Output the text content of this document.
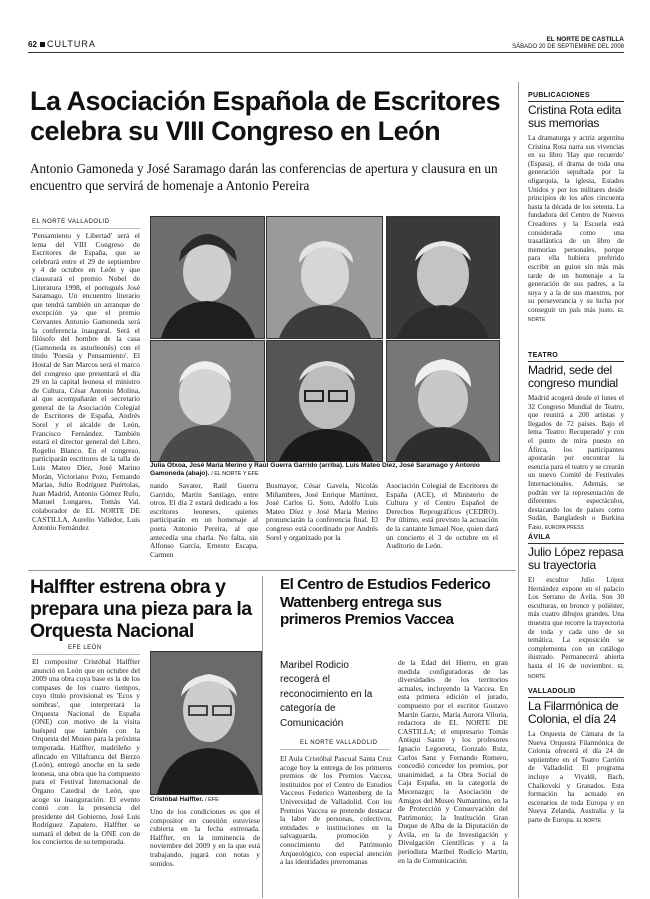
62 CULTURA	EL NORTE DE CASTILLA
SÁBADO 20 DE SEPTIEMBRE DEL 2008
La Asociación Española de Escritores
celebra su VIII Congreso en León
Antonio Gamoneda y José Saramago darán las conferencias de apertura y clausura en un encuentro que servirá de homenaje a Antonio Pereira
EL NORTE VALLADOLID
'Pensamiento y Libertad' será el lema del VIII Congreso de Escritores de España, que se celebrará entre el 29 de septiembre y 4 de octubre en León y que clausurará el premio Nobel de Literatura 1998, el portugués José Saramago. Un encuentro literario que tendrá también un arranque de excepción ya que el premio Cervantes Antonio Gamoneda será la conferencia inaugural. Será el filósofo del hombre de la casa (Gamoneda es asturleonés) con el título 'Poesía y Pensamiento'. El Hostal de San Marcos será el marco del congreso que presentará el día 29 en la capital leonesa el ministro de Cultura, César Antonio Molina, al que acompañarán el secretario general de la Asociación Colegial de Escritores de España, Andrés Sorel y el alcalde de León, Francisco Fernández. También estará el director general del Libro, Rogelio Blanco. En el congreso, participarán escritores de la talla de Luis Mateo Díez, José Marino Morán, Victoriano Pozo, Fernando Marías, Julio Rodríguez Puértolas, Juan Madrid, Antonio Gómez Rufo, Manuel Longares, Tomás Val, colaborador de EL NORTE DE CASTILLA, Aurelio Valledor, Luis Antonio Fernández
Julia Otxoa, José María Merino y Raúl Guerra Garrido (arriba). Luis Mateo Díez, José Saramago y Antonio Gamoneda (abajo). / EL NORTE Y EFE
nando Savater, Raúl Guerra Garrido, Martín Santiago, entre otros. El día 2 estará dedicado a los escritores leoneses, quienes participarán en un homenaje al poeta Antonio Pereira, al que antecedía una charla. No falta, sin Alfonso García, Ernesto Escapa, Carmen
Busmayor, César Gavela, Nicolás Miñambres, José Enrique Martínez, José Carlos G. Soto, Adolfo Luis Mateo Díez y José María Merino pronunciarán la conferencia final. El congreso está coordinado por Andrés Sorel y organizado por la
Asociación Colegial de Escritores de España (ACE), el Ministerio de Cultura y el Centro Español de Derechos Reprográficos (CEDRO). Por último, está previsto la actuación de la cantante Ismael Noe, quien dará un concierto el 3 de octubre en el Auditorio de León.
Halffter estrena obra y prepara una pieza para la Orquesta Nacional
EFE LEÓN
El compositor Cristóbal Halffter anunció en León que en octubre del 2009 una obra cuya base es la de los compases de los cuatro tiempos, cuyo título provisional es 'Ecos y sombras', que interpretará la Orquesta Nacional de España (ONE) con motivo de la visita huésped que también con la Orquesta del Museo para la próxima temporada. Halffter, madrileño y afincado en Villafranca del Bierzo (León), entregó anoche en la sede leonesa, una obra que ha compuesto para el Festival Internacional de Órgano Catedral de León, que acoge su inauguración. El evento contó con la presencia del presidente del Gobierno, José Luis Rodríguez Zapatero. Halffter se sumará el debut de la ONE con de los conciertos de su temporada.
Cristóbal Halffter. / EFE
Uno de los condiciones es que el compositor en cuestión estuviese cubierta en la fecha estrenada. Halffter, en la inminencia de noviembre del 2009 y en la que está trabajando, jugará con notas y sonidos.
El Centro de Estudios Federico Wattenberg entrega sus primeros Premios Vaccea
Maribel Rodicio recogerá el reconocimiento en la categoría de Comunicación
EL NORTE VALLADOLID
El Aula Cristóbal Pascual Santa Cruz acoge hoy la entrega de los primeros premios de los Premios Vaccea, instituidos por el Centro de Estudios Vacceos Federico Wattenberg de la Universidad de Valladolid. Con los Premios Vaccea se pretende destacar la labor de personas, colectivos, entidades e instituciones en la salvaguarda, promoción y conocimiento del Patrimonio Arqueológico, con especial atención a las identidades prerromanas
de la Edad del Hierro, en gran medida configuradoras de las diversidades de los territorios actuales, incluyendo la Vaccea. En esta primera edición el jurado, compuesto por el escritor Gustavo Martín Garzo, María Aurora Viloria, redactora de EL NORTE DE CASTILLA; el empresario Tomás Antiqui Sastre y los profesores Ignacio Legorreta, Gonzalo Ruiz, Carlos Sanz y Fernando Romero, concedió conceder los premios, por unanimidad, a la Obra Social de Caja España, en la categoría de Mecenazgo; la Asociación de Amigos del Museo Numantino, en la de Protección y Conservación del Patrimonio; la Institución Gran Duque de Alba de la Diputación de Ávila, en la de Investigación y Divulgación Científicas y a la periodista Maribel Rodicio Martín, en la de Comunicación.
PUBLICACIONES
Cristina Rota edita sus memorias
La dramaturga y actriz argentina Cristina Rota narra sus vivencias en su libro 'Hay que recuerdo' (Espasa), el drama de toda una generación sepultada por la oligarquía, la iglesia, Estados Unidos y por los militares desde principios de los años cincuenta hasta la década de los setenta. La fundadora del Centro de Nuevos Creadores y la Escuela está considerada como una trasatlántica de un libro de memorias personales, porque para ella hubiera preferido escribir un guion sin más más tarde de un homenaje a la generación de sus padres, a la suya y a la de sus maestros, por su perseverancia y su lucha por conseguir un país más justo. EL NORTE
TEATRO
Madrid, sede del congreso mundial
Madrid acogerá desde el lunes el 32 Congreso Mundial de Teatro, que reunirá a 200 artistas y llegados de 72 países. Bajo el lema 'Teatro: Recuperado' y con el punto de mira puesto en Áfirca, los participantes apostarán por encontrar la esencia para el teatro y se crearán un nuevo Comité de Festivales Internacionales. Además, se podrán ver la representación de diferentes espectáculos, destacando los de países como Sudán, Bangladesh o Burkina Faso. EUROPA PRESS
ÁVILA
Julio López repasa su trayectoria
El escultor Julio López Hernández expone en el palacio Los Serrano de Ávila. Son 30 esculturas, en bronce y poliéster, más cuatro dibujos grandes. Una muestra que recorre la trayectoria de toda y cada uno de su temática. La exposición se complementa con un catálogo ilustrado. Permanecerá abierta hasta el 16 de noviembre. EL NORTE
VALLADOLID
La Filarmónica de Colonia, el día 24
La Orquesta de Cámara de la Nueva Orquesta Filarmónica de Colonia ofrecerá el día 24 de septiembre en el Teatro Carrión de Valladolid. El programa incluye a Vivaldi, Bach, Chaikovski y Granados. Esta formación ha actuado en escenarios de toda Europa y en Nueva Zelanda, Australia y la parte de Europa. EL NORTE
